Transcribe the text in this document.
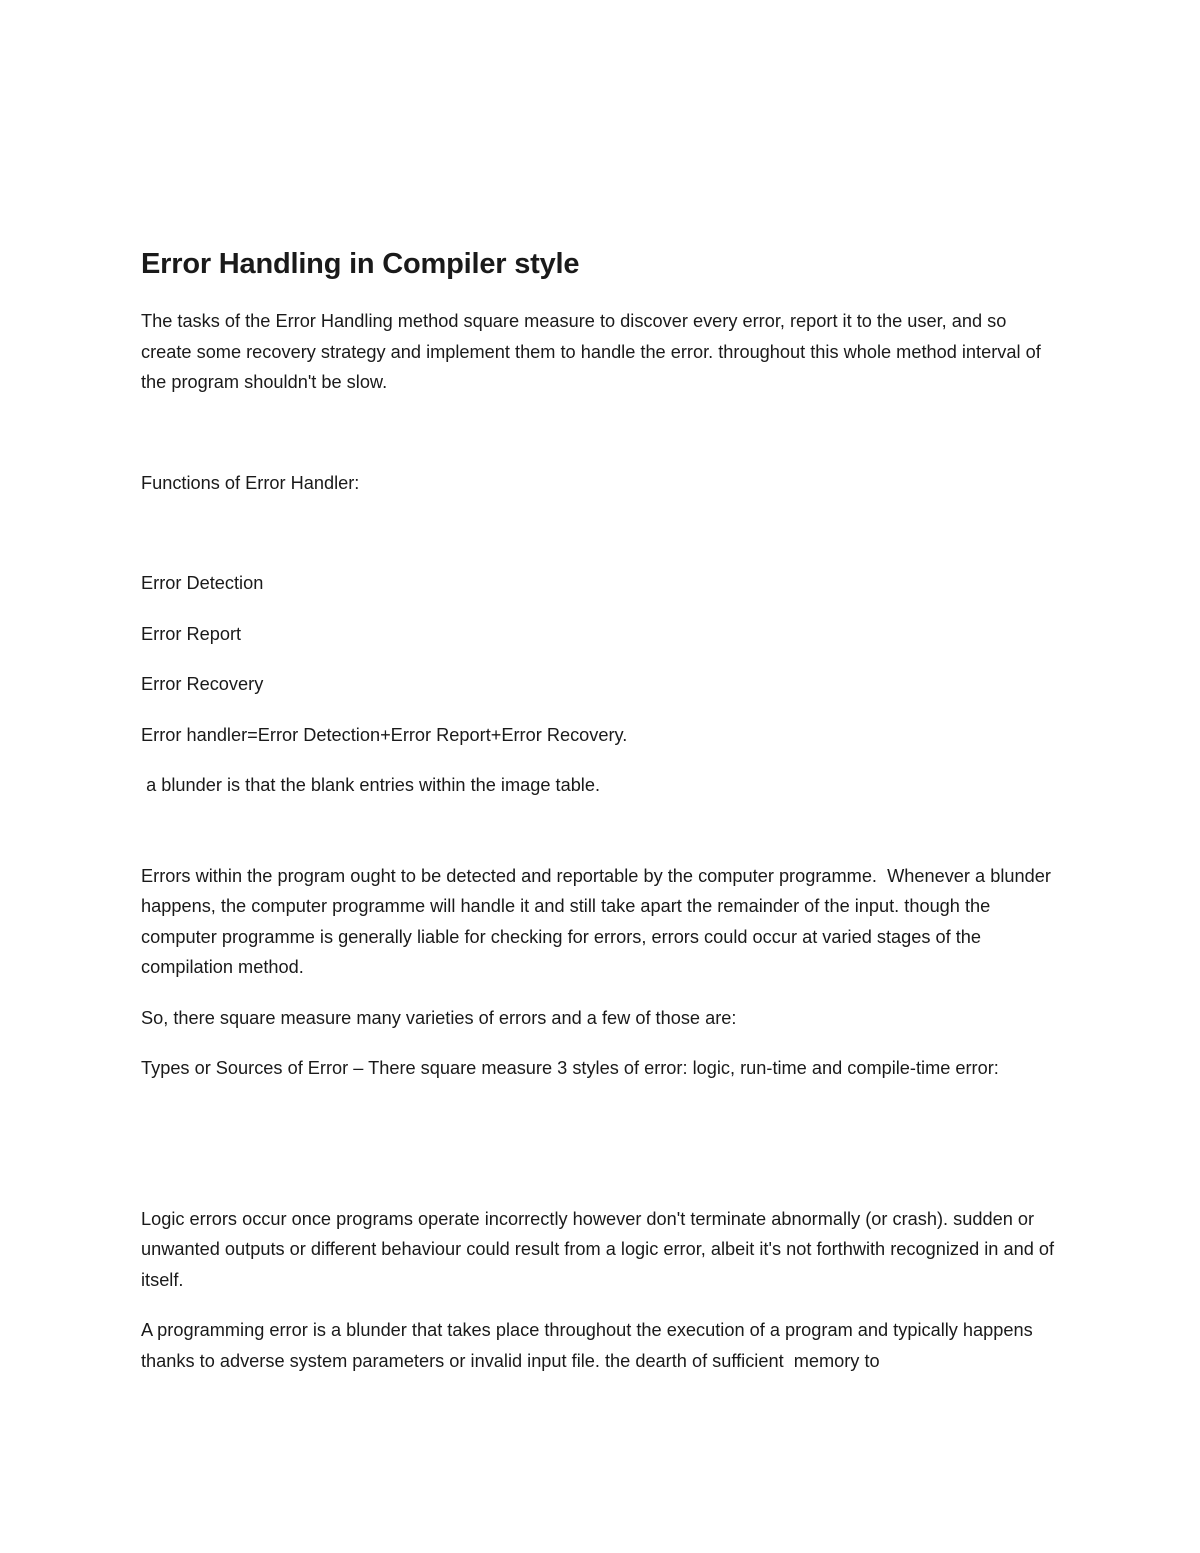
Error Handling in Compiler style

The tasks of the Error Handling method square measure to discover every error, report it to the user, and so create some recovery strategy and implement them to handle the error. throughout this whole method interval of the program shouldn't be slow.

Functions of Error Handler:

Error Detection

Error Report

Error Recovery

Error handler=Error Detection+Error Report+Error Recovery.

a blunder is that the blank entries within the image table.

Errors within the program ought to be detected and reportable by the computer programme.  Whenever a blunder happens, the computer programme will handle it and still take apart the remainder of the input. though the computer programme is generally liable for checking for errors, errors could occur at varied stages of the compilation method.

So, there square measure many varieties of errors and a few of those are:

Types or Sources of Error – There square measure 3 styles of error: logic, run-time and compile-time error:

Logic errors occur once programs operate incorrectly however don't terminate abnormally (or crash). sudden or unwanted outputs or different behaviour could result from a logic error, albeit it's not forthwith recognized in and of itself.

A programming error is a blunder that takes place throughout the execution of a program and typically happens thanks to adverse system parameters or invalid input file. the dearth of sufficient  memory to
